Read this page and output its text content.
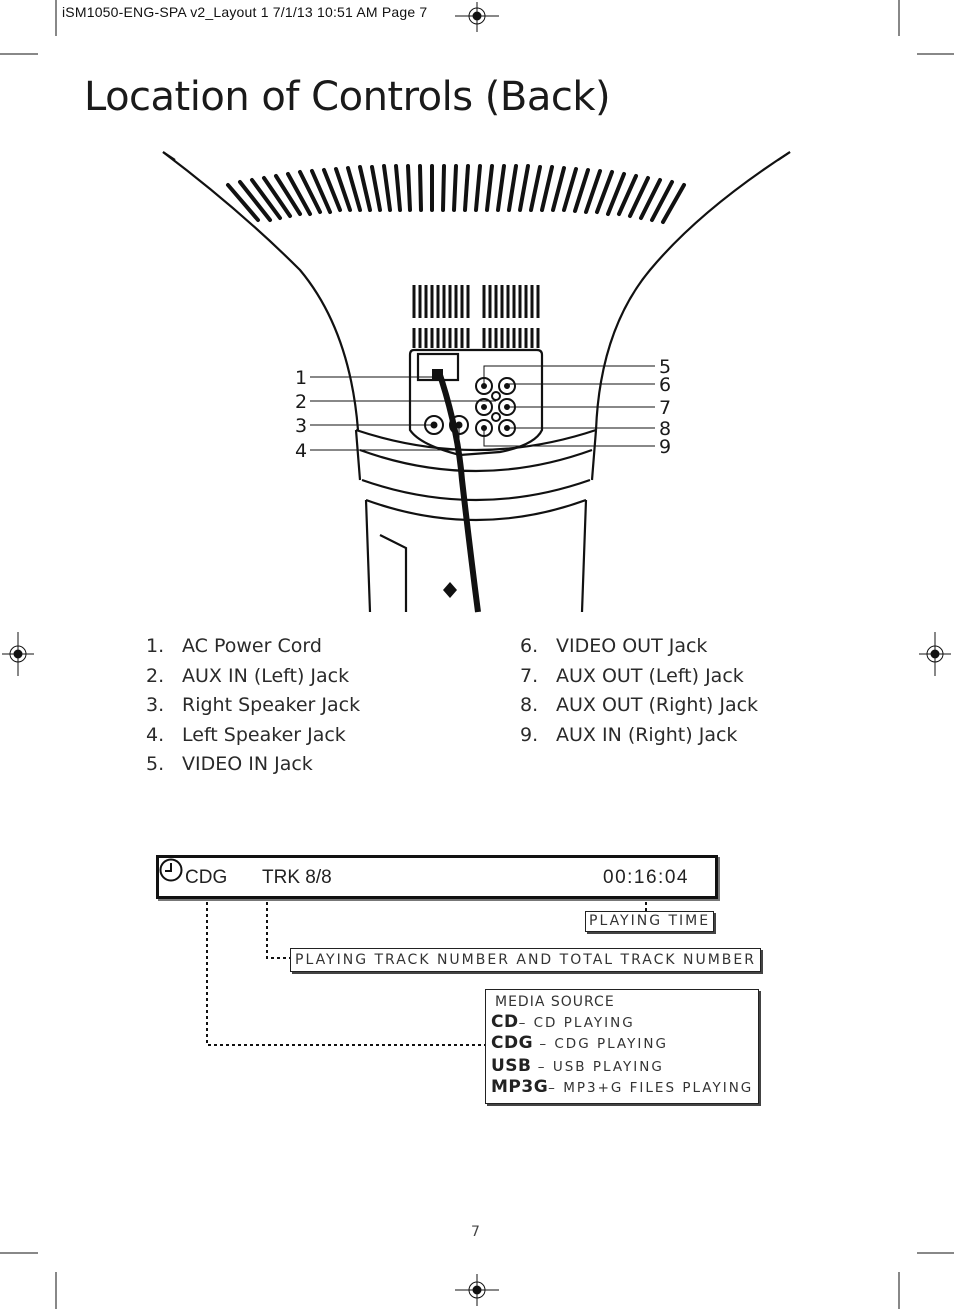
iSM1050-ENG-SPA v2_Layout 1 7/1/13 10:51 AM Page 7
Location of Controls (Back)
1
2
3
4
5
6
7
8
9
1. AC Power Cord
2. AUX IN (Left) Jack
3. Right Speaker Jack
4. Left Speaker Jack
5. VIDEO IN Jack
6. VIDEO OUT Jack
7. AUX OUT (Left) Jack
8. AUX OUT (Right) Jack
9. AUX IN (Right) Jack
CDG TRK 8/8	00:16:04
PLAYING TIME
PLAYING TRACK NUMBER AND TOTAL TRACK NUMBER
MEDIA SOURCE
CD– CD PLAYING
CDG – CDG PLAYING
USB – USB PLAYING
MP3G– MP3+G FILES PLAYING
7
